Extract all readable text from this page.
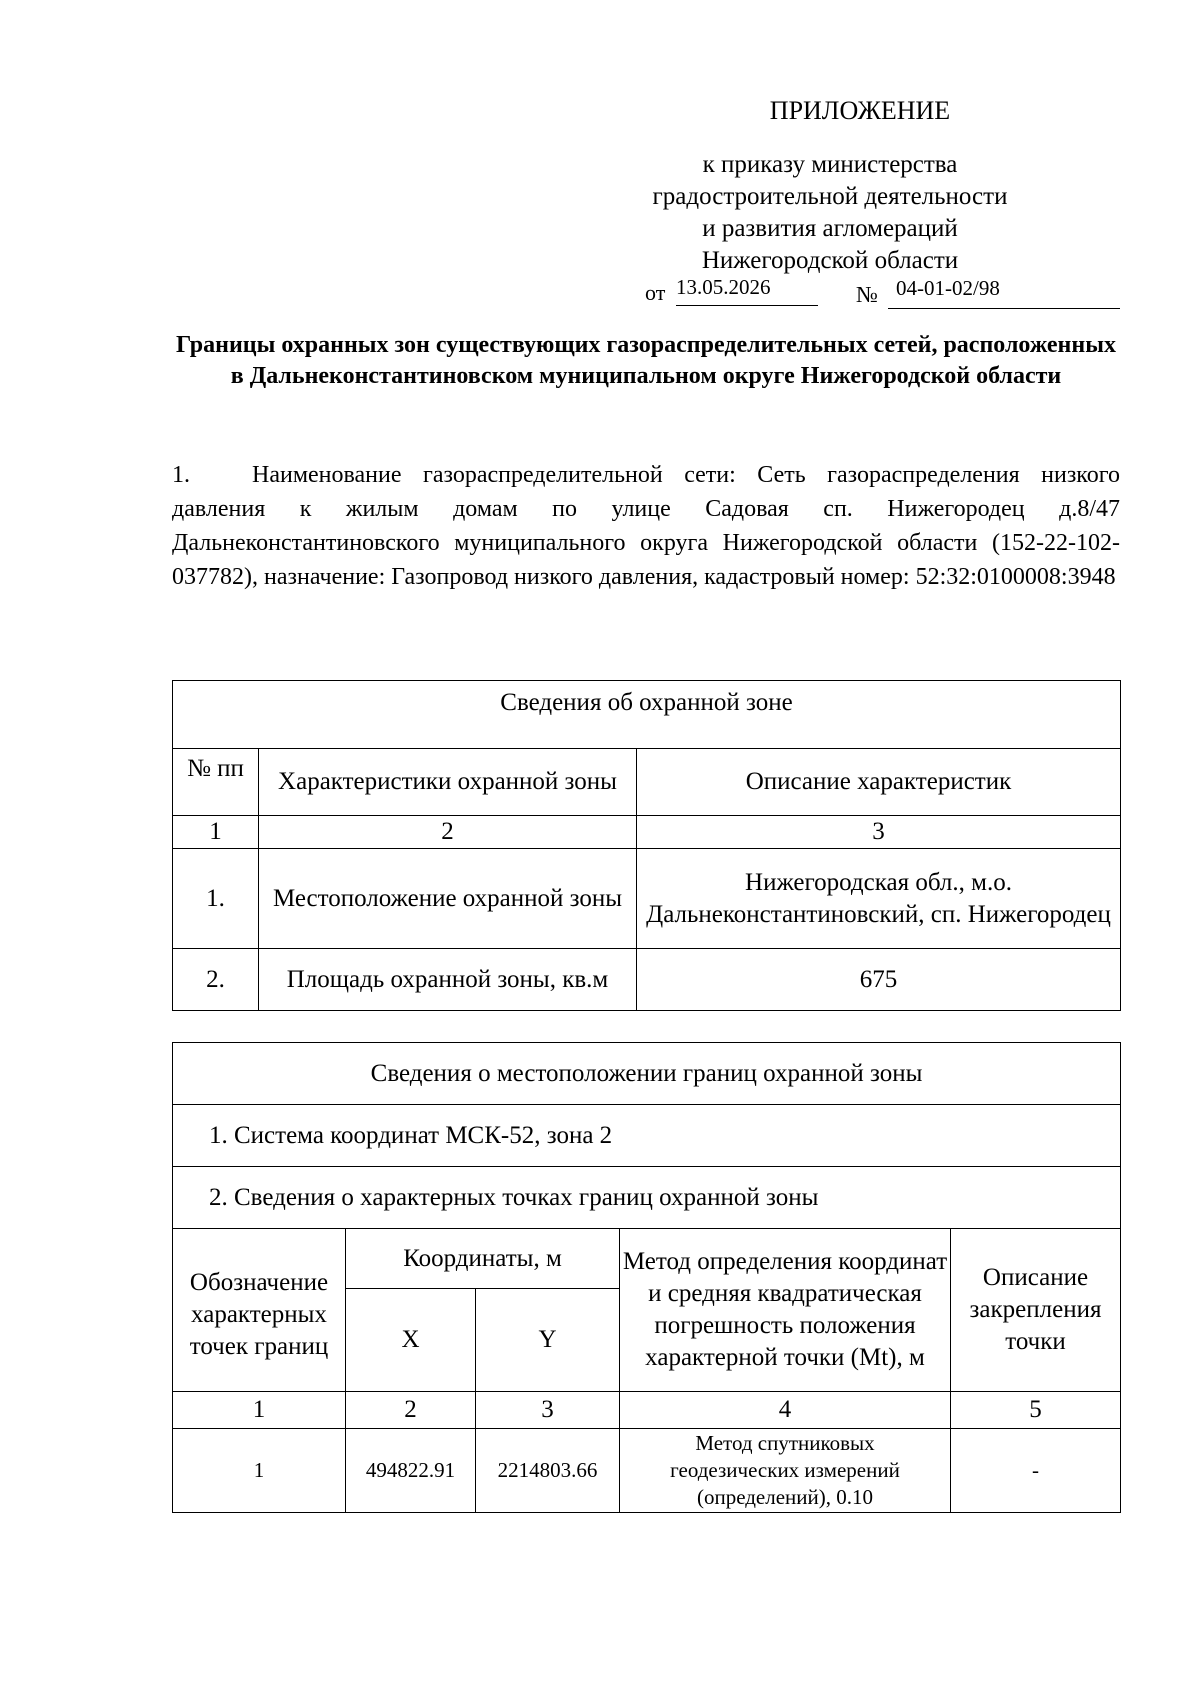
ПРИЛОЖЕНИЕ
к приказу министерства
градостроительной деятельности
и развития агломераций
Нижегородской области
от 13.05.2026	№ 04-01-02/98
Границы охранных зон существующих газораспределительных сетей, расположенных в Дальнеконстантиновском муниципальном округе Нижегородской области
1.	Наименование газораспределительной сети: Сеть газораспределения низкого давления к жилым домам по улице Садовая сп. Нижегородец д.8/47 Дальнеконстантиновского муниципального округа Нижегородской области (152-22-102-037782), назначение: Газопровод низкого давления, кадастровый номер: 52:32:0100008:3948
Сведения об охранной зоне		
№ пп	Характеристики охранной зоны	Описание характеристик
1	2	3
1.	Местоположение охранной зоны	Нижегородская обл., м.о. Дальнеконстантиновский, сп. Нижегородец
2.	Площадь охранной зоны, кв.м	675
Сведения о местоположении границ охранной зоны				
1. Система координат МСК-52, зона 2				
2. Сведения о характерных точках границ охранной зоны				
Обозначение характерных точек границ	Координаты, м		Метод определения координат и средняя квадратическая погрешность положения характерной точки (Mt), м	Описание закрепления точки
	X	Y		
1	2	3	4	5
1	494822.91	2214803.66	Метод спутниковых геодезических измерений (определений), 0.10	-
